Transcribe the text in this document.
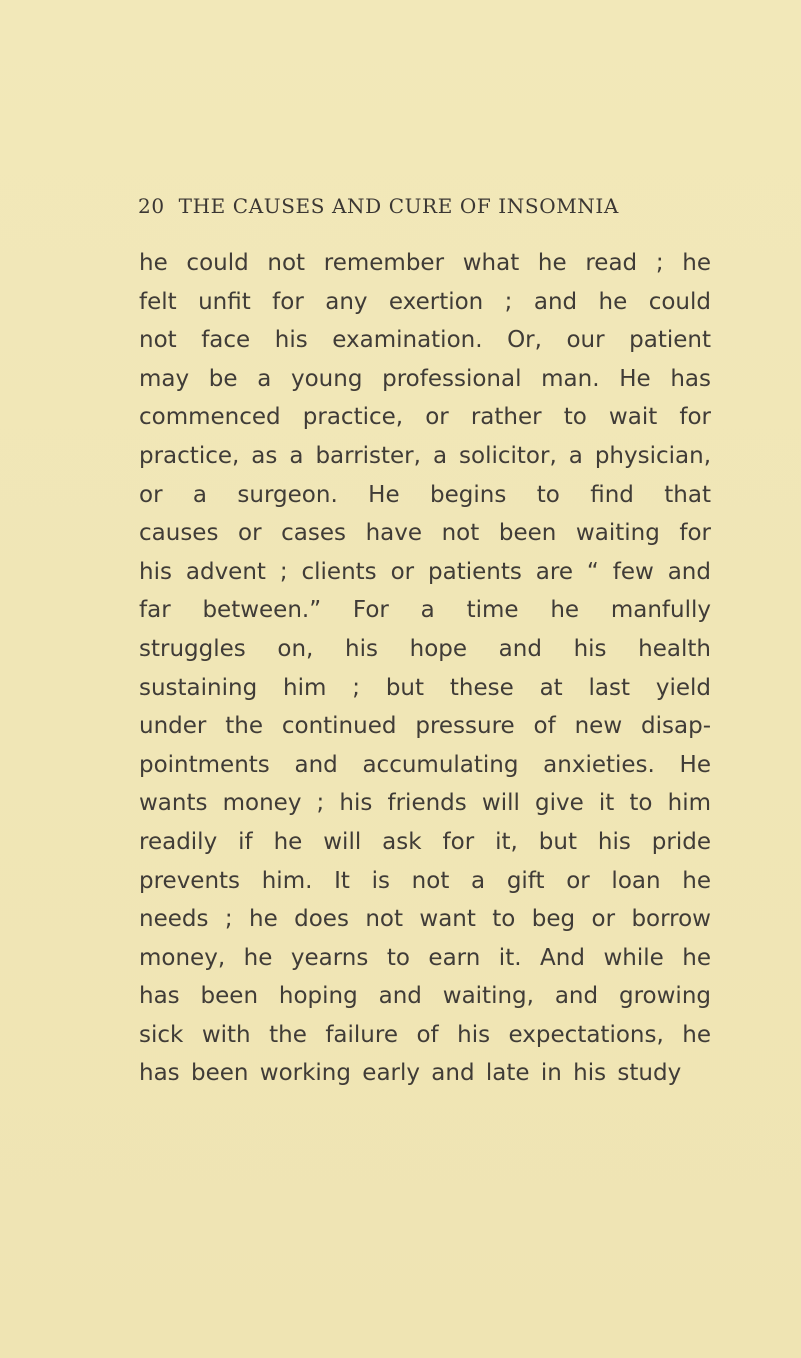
20 THE CAUSES AND CURE OF INSOMNIA
he could not remember what he read ; he
felt unfit for any exertion ; and he could
not face his examination. Or, our patient
may be a young professional man. He has
commenced practice, or rather to wait for
practice, as a barrister, a solicitor, a physician,
or a surgeon. He begins to find that
causes or cases have not been waiting for
his advent ; clients or patients are “ few and
far between.” For a time he manfully
struggles on, his hope and his health
sustaining him ; but these at last yield
under the continued pressure of new disap-
pointments and accumulating anxieties. He
wants money ; his friends will give it to him
readily if he will ask for it, but his pride
prevents him. It is not a gift or loan he
needs ; he does not want to beg or borrow
money, he yearns to earn it. And while he
has been hoping and waiting, and growing
sick with the failure of his expectations, he
has been working early and late in his study
